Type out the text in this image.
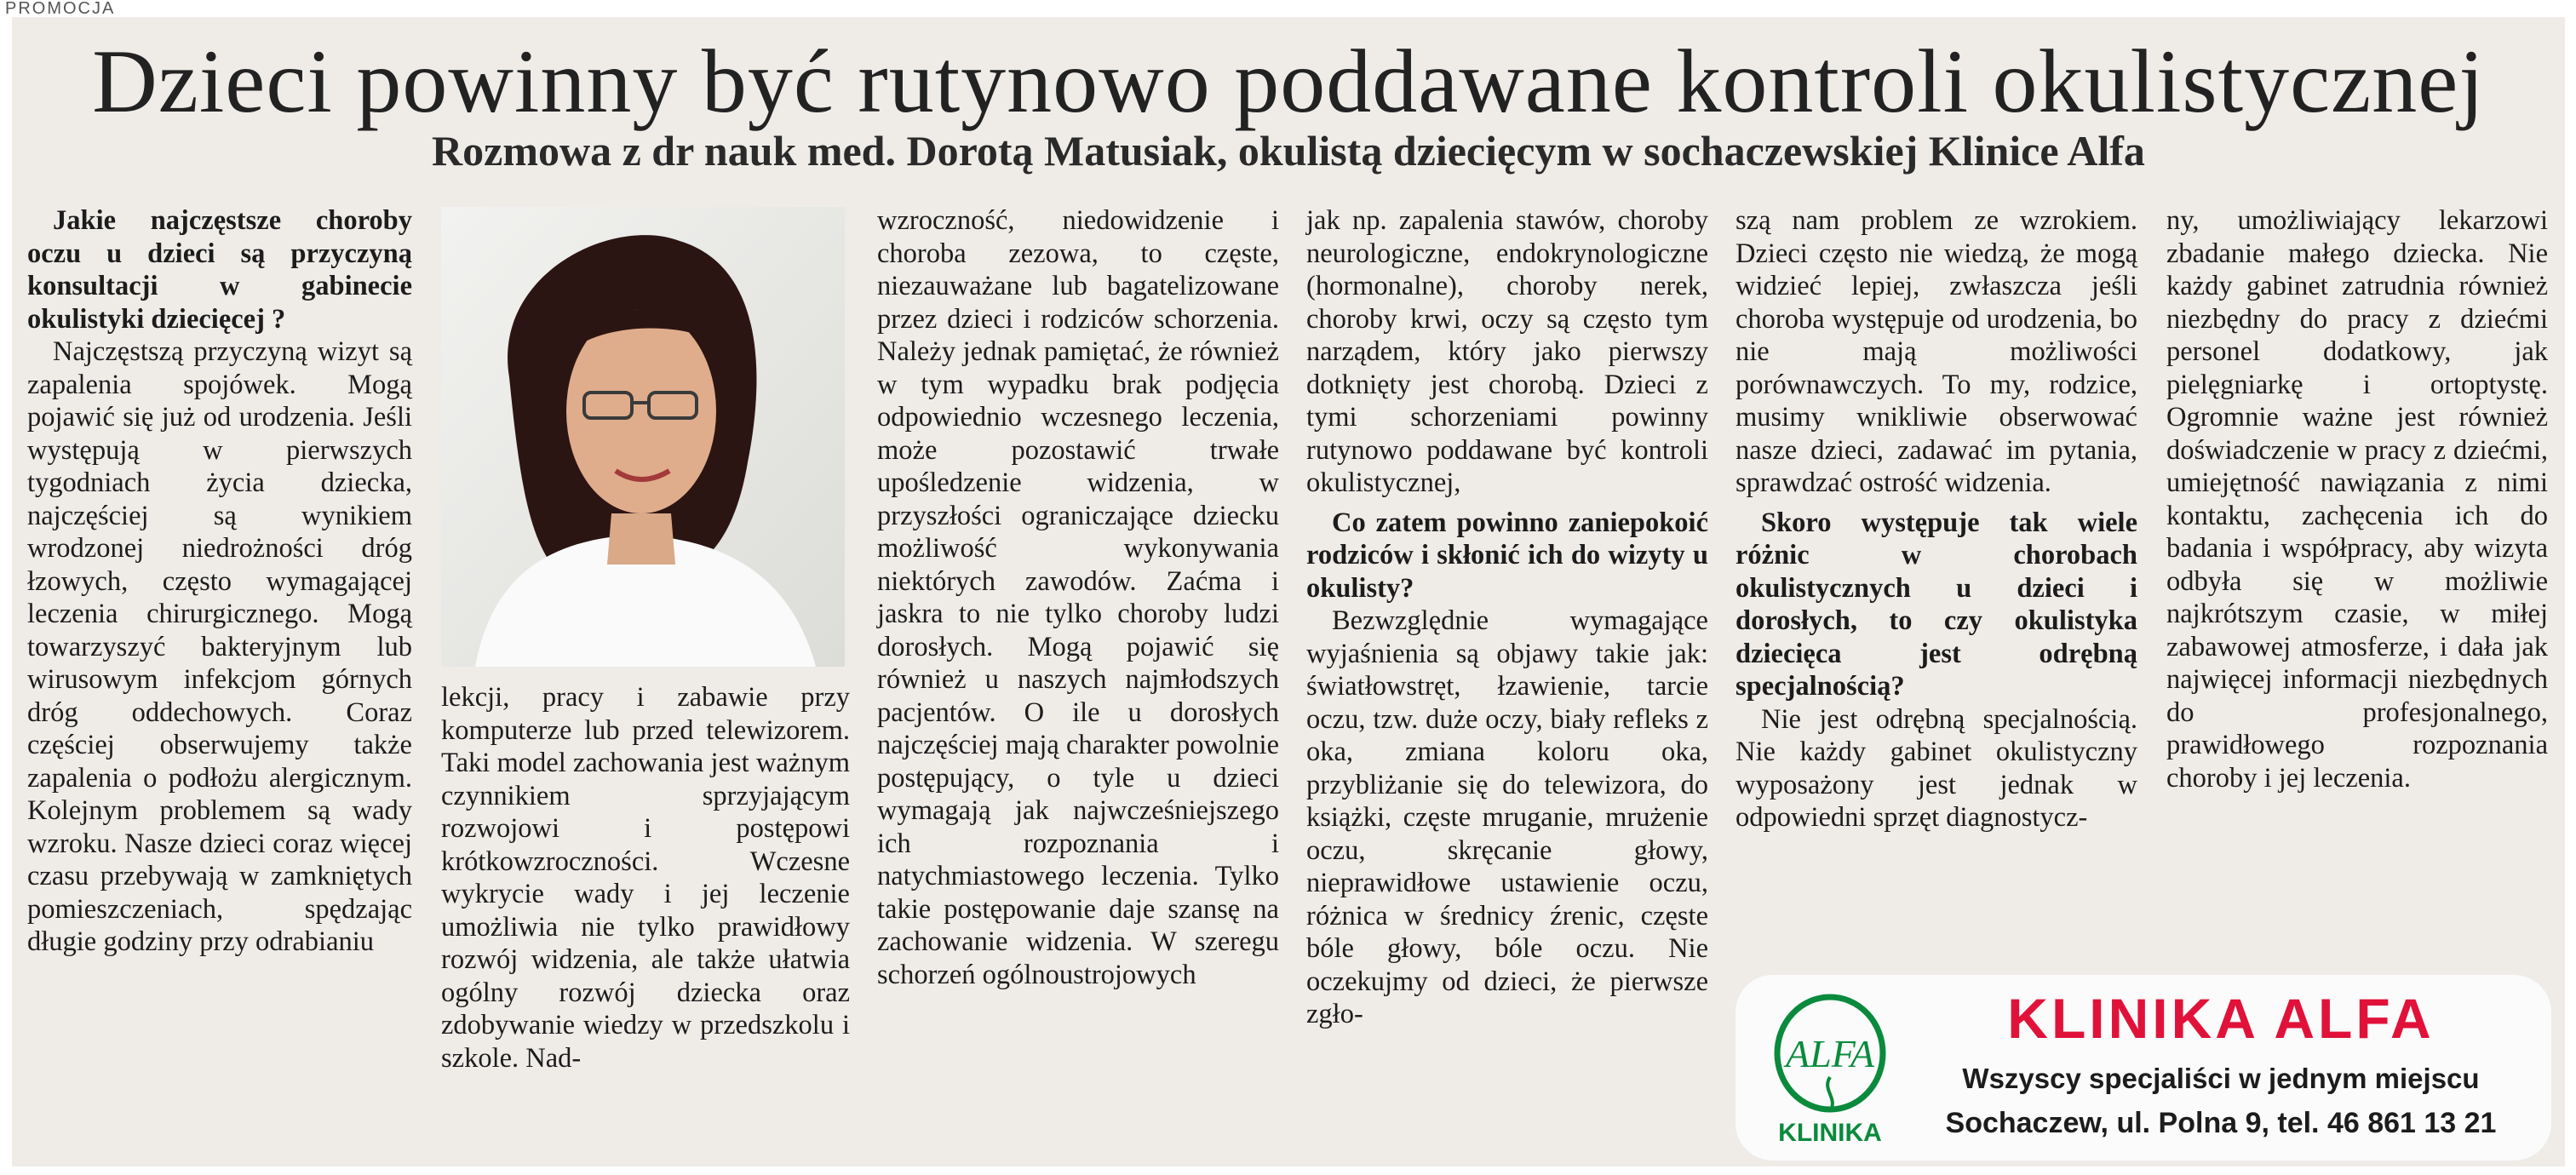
PROMOCJA
Dzieci powinny być rutynowo poddawane kontroli okulistycznej
Rozmowa z dr nauk med. Dorotą Matusiak, okulistą dziecięcym w sochaczewskiej Klinice Alfa

Jakie najczęstsze choroby oczu u dzieci są przyczyną konsultacji w gabinecie okulistyki dziecięcej ?

Najczęstszą przyczyną wizyt są zapalenia spojówek. Mogą pojawić się już od urodzenia. Jeśli występują w pierwszych tygodniach życia dziecka, najczęściej są wynikiem wrodzonej niedrożności dróg łzowych, często wymagającej leczenia chirurgicznego. Mogą towarzyszyć bakteryjnym lub wirusowym infekcjom górnych dróg oddechowych. Coraz częściej obserwujemy także zapalenia o podłożu alergicznym. Kolejnym problemem są wady wzroku. Nasze dzieci coraz więcej czasu przebywają w zamkniętych pomieszczeniach, spędzając długie godziny przy odrabianiu

lekcji, pracy i zabawie przy komputerze lub przed telewizorem. Taki model zachowania jest ważnym czynnikiem sprzyjającym rozwojowi i postępowi krótkowzroczności. Wczesne wykrycie wady i jej leczenie umożliwia nie tylko prawidłowy rozwój widzenia, ale także ułatwia ogólny rozwój dziecka oraz zdobywanie wiedzy w przedszkolu i szkole. Nad-

wzroczność, niedowidzenie i choroba zezowa, to częste, niezauważane lub bagatelizowane przez dzieci i rodziców schorzenia. Należy jednak pamiętać, że również w tym wypadku brak podjęcia odpowiednio wczesnego leczenia, może pozostawić trwałe upośledzenie widzenia, w przyszłości ograniczające dziecku możliwość wykonywania niektórych zawodów. Zaćma i jaskra to nie tylko choroby ludzi dorosłych. Mogą pojawić się również u naszych najmłodszych pacjentów. O ile u dorosłych najczęściej mają charakter powolnie postępujący, o tyle u dzieci wymagają jak najwcześniejszego ich rozpoznania i natychmiastowego leczenia. Tylko takie postępowanie daje szansę na zachowanie widzenia. W szeregu schorzeń ogólnoustrojowych

jak np. zapalenia stawów, choroby neurologiczne, endokrynologiczne (hormonalne), choroby nerek, choroby krwi, oczy są często tym narządem, który jako pierwszy dotknięty jest chorobą. Dzieci z tymi schorzeniami powinny rutynowo poddawane być kontroli okulistycznej,

Co zatem powinno zaniepokoić rodziców i skłonić ich do wizyty u okulisty?

Bezwzględnie wymagające wyjaśnienia są objawy takie jak: światłowstręt, łzawienie, tarcie oczu, tzw. duże oczy, biały refleks z oka, zmiana koloru oka, przybliżanie się do telewizora, do książki, częste mruganie, mrużenie oczu, skręcanie głowy, nieprawidłowe ustawienie oczu, różnica w średnicy źrenic, częste bóle głowy, bóle oczu. Nie oczekujmy od dzieci, że pierwsze zgło-

szą nam problem ze wzrokiem. Dzieci często nie wiedzą, że mogą widzieć lepiej, zwłaszcza jeśli choroba występuje od urodzenia, bo nie mają możliwości porównawczych. To my, rodzice, musimy wnikliwie obserwować nasze dzieci, zadawać im pytania, sprawdzać ostrość widzenia.

Skoro występuje tak wiele różnic w chorobach okulistycznych u dzieci i dorosłych, to czy okulistyka dziecięca jest odrębną specjalnością?

Nie jest odrębną specjalnością. Nie każdy gabinet okulistyczny wyposażony jest jednak w odpowiedni sprzęt diagnostycz-

ny, umożliwiający lekarzowi zbadanie małego dziecka. Nie każdy gabinet zatrudnia również niezbędny do pracy z dziećmi personel dodatkowy, jak pielęgniarkę i ortoptystę. Ogromnie ważne jest również doświadczenie w pracy z dziećmi, umiejętność nawiązania z nimi kontaktu, zachęcenia ich do badania i współpracy, aby wizyta odbyła się w możliwie najkrótszym czasie, w miłej zabawowej atmosferze, i dała jak najwięcej informacji niezbędnych do profesjonalnego, prawidłowego rozpoznania choroby i jej leczenia.

ALFA
KLINIKA
KLINIKA ALFA
Wszyscy specjaliści w jednym miejscu
Sochaczew, ul. Polna 9, tel. 46 861 13 21
